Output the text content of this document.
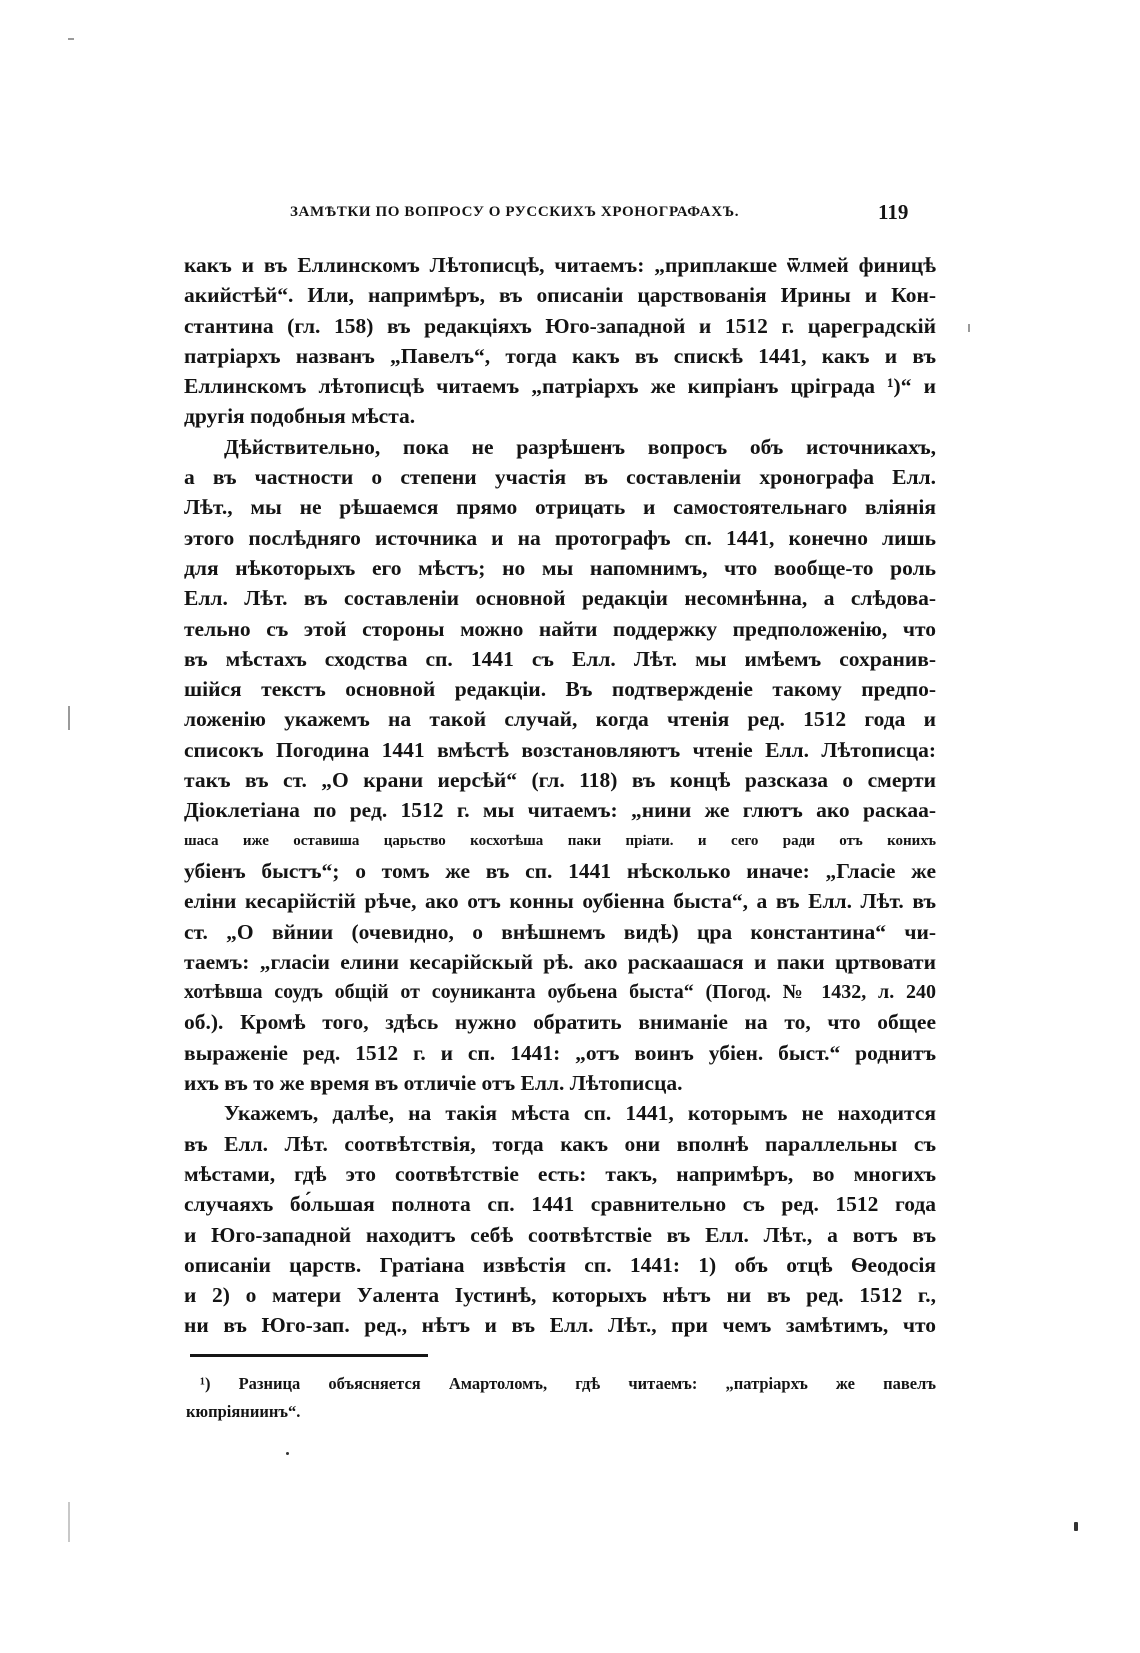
ЗАМѢТКИ ПО ВОПРОСУ О РУССКИХЪ ХРОНОГРАФАХЪ.	119
какъ и въ Еллинскомъ Лѣтописцѣ, читаемъ: „приплакше ѿлмей финицѣ
акийстѣй“. Или, напримѣръ, въ описаніи царствованія Ирины и Кон-
стантина (гл. 158) въ редакціяхъ Юго-западной и 1512 г. цареградскій
патріархъ названъ „Павелъ“, тогда какъ въ спискѣ 1441, какъ и въ
Еллинскомъ лѣтописцѣ читаемъ „патріархъ же кипріанъ цріграда ¹)“ и
другія подобныя мѣста.
Дѣйствительно, пока не разрѣшенъ вопросъ объ источникахъ,
а въ частности о степени участія въ составленіи хронографа Елл.
Лѣт., мы не рѣшаемся прямо отрицать и самостоятельнаго вліянія
этого послѣдняго источника и на протографъ сп. 1441, конечно лишь
для нѣкоторыхъ его мѣстъ; но мы напомнимъ, что вообще-то роль
Елл. Лѣт. въ составленіи основной редакціи несомнѣнна, а слѣдова-
тельно съ этой стороны можно найти поддержку предположенію, что
въ мѣстахъ сходства сп. 1441 съ Елл. Лѣт. мы имѣемъ сохранив-
шійся текстъ основной редакціи. Въ подтвержденіе такому предпо-
ложенію укажемъ на такой случай, когда чтенія ред. 1512 года и
списокъ Погодина 1441 вмѣстѣ возстановляютъ чтеніе Елл. Лѣтописца:
такъ въ ст. „О крани иерсѣй“ (гл. 118) въ концѣ разсказа о смерти
Діоклетіана по ред. 1512 г. мы читаемъ: „нини же глютъ ако раскаа-
шаса иже оставиша царьство косхотѣша паки пріати. и сего ради отъ конихъ
убіенъ быстъ“; о томъ же въ сп. 1441 нѣсколько иначе: „Гласіе же
еліни кесарійстій рѣче, ако отъ конны оубіенна быста“, а въ Елл. Лѣт. въ
ст. „О вйнии (очевидно, о внѣшнемъ видѣ) цра константина“ чи-
таемъ: „гласіи елини кесарійскый рѣ. ако раскаашася и паки цртвовати
хотѣвша соудъ общій от соуниканта оубьена быста“ (Погод. № 1432, л. 240
об.). Кромѣ того, здѣсь нужно обратить вниманіе на то, что общее
выраженіе ред. 1512 г. и сп. 1441: „отъ воинъ убіен. быст.“ роднитъ
ихъ въ то же время въ отличіе отъ Елл. Лѣтописца.
Укажемъ, далѣе, на такія мѣста сп. 1441, которымъ не находится
въ Елл. Лѣт. соотвѣтствія, тогда какъ они вполнѣ параллельны съ
мѣстами, гдѣ это соотвѣтствіе есть: такъ, напримѣръ, во многихъ
случаяхъ бо́льшая полнота сп. 1441 сравнительно съ ред. 1512 года
и Юго-западной находитъ себѣ соотвѣтствіе въ Елл. Лѣт., а вотъ въ
описаніи царств. Гратіана извѣстія сп. 1441: 1) объ отцѣ Ѳеодосія
и 2) о матери Уалента Іустинѣ, которыхъ нѣтъ ни въ ред. 1512 г.,
ни въ Юго-зап. ред., нѣтъ и въ Елл. Лѣт., при чемъ замѣтимъ, что
¹) Разница объясняется Амартоломъ, гдѣ читаемъ: „патріархъ же павелъ
кюпріяниинъ“.
